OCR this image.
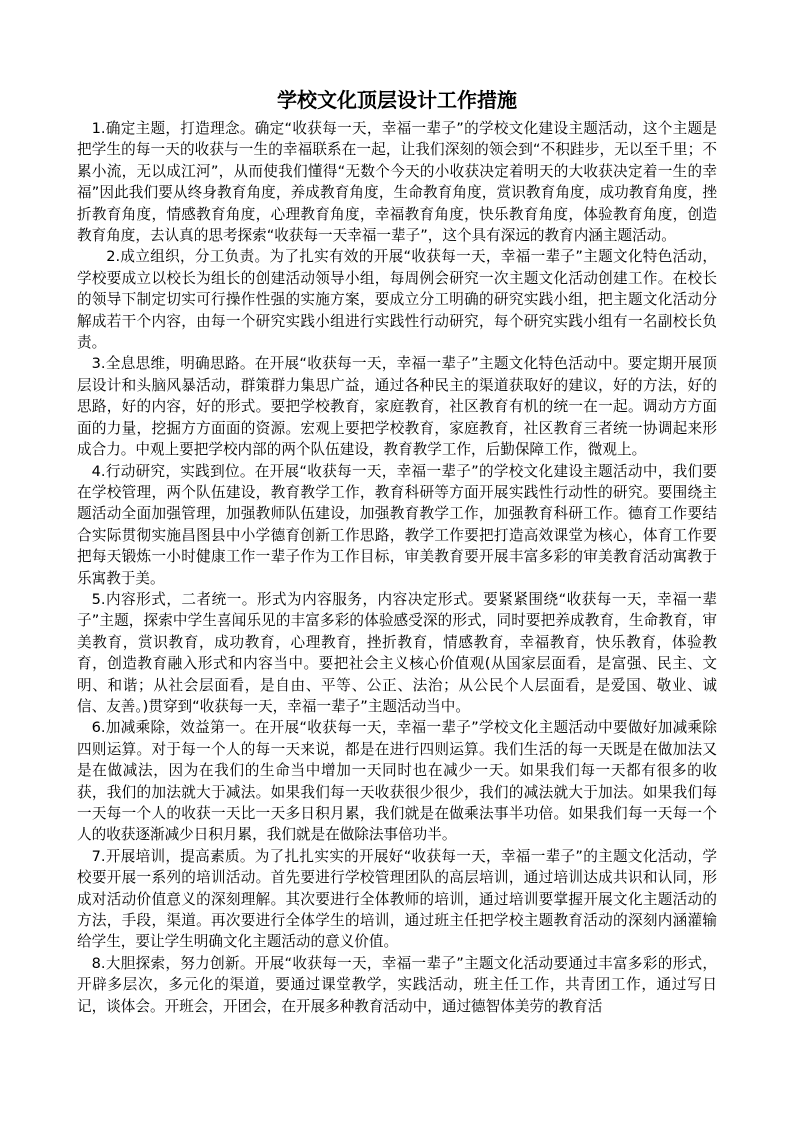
学校文化顶层设计工作措施

1.确定主题，打造理念。确定“收获每一天，幸福一辈子”的学校文化建设主题活动，这个主题是把学生的每一天的收获与一生的幸福联系在一起，让我们深刻的领会到“不积跬步，无以至千里；不累小流，无以成江河”，从而使我们懂得“无数个今天的小收获决定着明天的大收获决定着一生的幸福”因此我们要从终身教育角度，养成教育角度，生命教育角度，赏识教育角度，成功教育角度，挫折教育角度，情感教育角度，心理教育角度，幸福教育角度，快乐教育角度，体验教育角度，创造教育角度，去认真的思考探索“收获每一天幸福一辈子”，这个具有深远的教育内涵主题活动。

2.成立组织，分工负责。为了扎实有效的开展“收获每一天，幸福一辈子”主题文化特色活动，学校要成立以校长为组长的创建活动领导小组，每周例会研究一次主题文化活动创建工作。在校长的领导下制定切实可行操作性强的实施方案，要成立分工明确的研究实践小组，把主题文化活动分解成若干个内容，由每一个研究实践小组进行实践性行动研究，每个研究实践小组有一名副校长负责。

3.全息思维，明确思路。在开展“收获每一天，幸福一辈子”主题文化特色活动中。要定期开展顶层设计和头脑风暴活动，群策群力集思广益，通过各种民主的渠道获取好的建议，好的方法，好的思路，好的内容，好的形式。要把学校教育，家庭教育，社区教育有机的统一在一起。调动方方面面的力量，挖掘方方面面的资源。宏观上要把学校教育，家庭教育，社区教育三者统一协调起来形成合力。中观上要把学校内部的两个队伍建设，教育教学工作，后勤保障工作，微观上。

4.行动研究，实践到位。在开展“收获每一天，幸福一辈子”的学校文化建设主题活动中，我们要在学校管理，两个队伍建设，教育教学工作，教育科研等方面开展实践性行动性的研究。要围绕主题活动全面加强管理，加强教师队伍建设，加强教育教学工作，加强教育科研工作。德育工作要结合实际贯彻实施昌图县中小学德育创新工作思路，教学工作要把打造高效课堂为核心，体育工作要把每天锻炼一小时健康工作一辈子作为工作目标，审美教育要开展丰富多彩的审美教育活动寓教于乐寓教于美。

5.内容形式，二者统一。形式为内容服务，内容决定形式。要紧紧围绕“收获每一天，幸福一辈子”主题，探索中学生喜闻乐见的丰富多彩的体验感受深的形式，同时要把养成教育，生命教育，审美教育，赏识教育，成功教育，心理教育，挫折教育，情感教育，幸福教育，快乐教育，体验教育，创造教育融入形式和内容当中。要把社会主义核心价值观(从国家层面看，是富强、民主、文明、和谐；从社会层面看，是自由、平等、公正、法治；从公民个人层面看，是爱国、敬业、诚信、友善。)贯穿到“收获每一天，幸福一辈子”主题活动当中。

6.加减乘除，效益第一。在开展“收获每一天，幸福一辈子”学校文化主题活动中要做好加减乘除四则运算。对于每一个人的每一天来说，都是在进行四则运算。我们生活的每一天既是在做加法又是在做减法，因为在我们的生命当中增加一天同时也在减少一天。如果我们每一天都有很多的收获，我们的加法就大于减法。如果我们每一天收获很少很少，我们的减法就大于加法。如果我们每一天每一个人的收获一天比一天多日积月累，我们就是在做乘法事半功倍。如果我们每一天每一个人的收获逐渐减少日积月累，我们就是在做除法事倍功半。

7.开展培训，提高素质。为了扎扎实实的开展好“收获每一天，幸福一辈子”的主题文化活动，学校要开展一系列的培训活动。首先要进行学校管理团队的高层培训，通过培训达成共识和认同，形成对活动价值意义的深刻理解。其次要进行全体教师的培训，通过培训要掌握开展文化主题活动的方法，手段，渠道。再次要进行全体学生的培训，通过班主任把学校主题教育活动的深刻内涵灌输给学生，要让学生明确文化主题活动的意义价值。

8.大胆探索，努力创新。开展“收获每一天，幸福一辈子”主题文化活动要通过丰富多彩的形式，开辟多层次，多元化的渠道，要通过课堂教学，实践活动，班主任工作，共青团工作，通过写日记，谈体会。开班会，开团会，在开展多种教育活动中，通过德智体美劳的教育活
